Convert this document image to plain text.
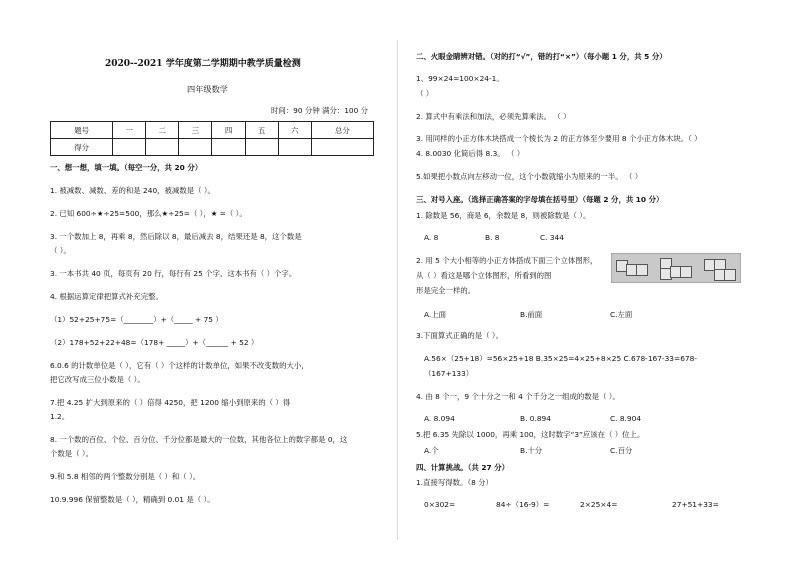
2020--2021 学年度第二学期期中教学质量检测
四年级数学
时间：90 分钟 满分：100 分
题号	一	二	三	四	五	六	总分
得分							
一、想一想，填一填。（每空一分，共 20 分）
1. 被减数、减数、差的和是 240，被减数是（ ）。
2. 已知 600÷★÷25=500，那么★÷25=（ ），★ =（ ）。
3. 一个数加上 8，再乘 8，然后除以 8，最后减去 8，结果还是 8，这个数是
（ ）。
3. 一本书共 40 页，每页有 20 行，每行有 25 个字，这本书有（ ）个字。
4. 根据运算定律把算式补充完整。
（1）52+25+75=（________）+（_____ + 75 ）
（2）178+52+22+48=（178+ _____）+（______ + 52 ）
6.0.6 的计数单位是（ ），它有（ ）个这样的计数单位，如果不改变数的大小，
把它改写成三位小数是（ ）。
7.把 4.25 扩大到原来的（ ）倍得 4250，把 1200 缩小到原来的（ ）得
1.2。
8. 一个数的百位、个位、百分位、千分位都是最大的一位数，其他各位上的数字都是 0，这
个数是（ ）。
9.和 5.8 相邻的两个整数分别是（ ）和（ ）。
10.9.996 保留整数是（ ），精确到 0.01 是（ ）。
二、火眼金睛辨对错。（对的打“√”，错的打“×”）（每小题 1 分，共 5 分）
1、99×24=100×24-1。
（ ）
2. 算式中有乘法和加法，必须先算乘法。 （ ）
3. 用同样的小正方体木块搭成一个棱长为 2 的正方体至少要用 8 个小正方体木块。（ ）
4. 8.0030 化简后得 8.3。 （ ）
5.如果把小数点向左移动一位，这个小数就缩小为原来的一半。 （ ）
三、对号入座。（选择正确答案的字母填在括号里）（每题 2 分，共 10 分）
1. 除数是 56，商是 6，余数是 8，则被除数是（ ）。
A. 8	B. 8	C. 344
2. 用 5 个大小相等的小正方体搭成下面三个立体图形，
从（ ）看这是哪个立体图形，所看到的图
形是完全一样的。
A.上面	B.前面	C.左面
3.下面算式正确的是（ ）。
A.56×（25+18）=56×25+18 B.35×25=4×25+8×25 C.678-167-33=678-
（167+133）
4. 由 8 个一，9 个十分之一和 4 个千分之一组成的数是（ ）。
A. 8.094	B. 0.894	C. 8.904
5.把 6.35 先除以 1000，再乘 100，这时数字“3”应该在（ ）位上。
A.个	B.十分	C.百分
四、计算挑战。（共 27 分）
1.直接写得数。（8 分）
0×302=	84÷（16-9）=	2×25×4=	27+51+33=
